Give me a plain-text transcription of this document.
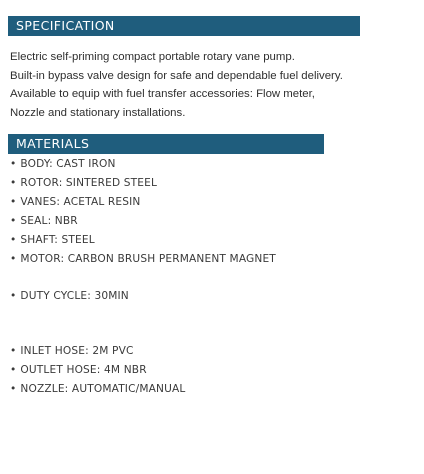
SPECIFICATION
Electric self-priming compact portable rotary vane pump.
Built-in bypass valve design for safe and dependable fuel delivery.
Available to equip with fuel transfer accessories: Flow meter,
Nozzle and stationary installations.
MATERIALS
• BODY: CAST IRON
• ROTOR: SINTERED STEEL
• VANES: ACETAL RESIN
• SEAL: NBR
• SHAFT: STEEL
• MOTOR: CARBON BRUSH PERMANENT MAGNET
• DUTY CYCLE: 30MIN
• INLET HOSE: 2M PVC
• OUTLET HOSE: 4M NBR
• NOZZLE: AUTOMATIC/MANUAL
